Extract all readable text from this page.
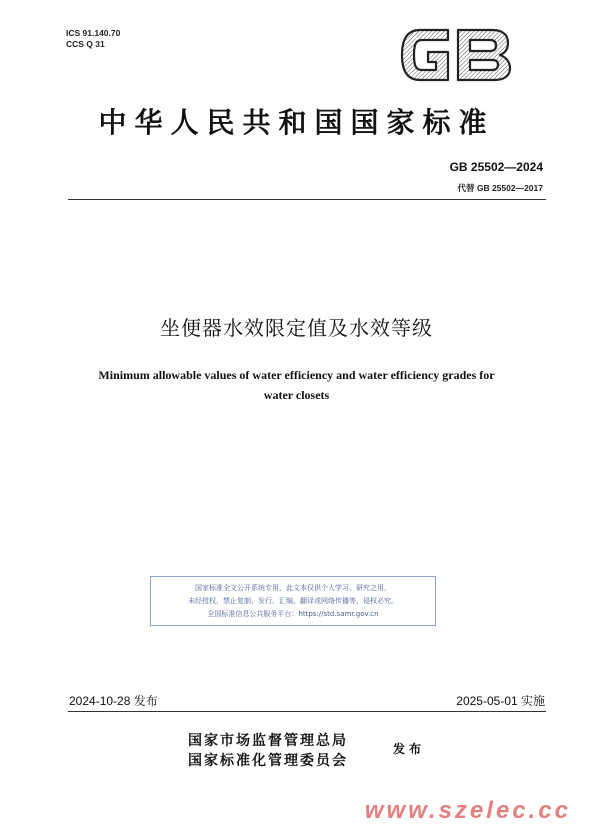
ICS 91.140.70
CCS Q 31
中华人民共和国国家标准
GB 25502—2024
代替 GB 25502—2017
坐便器水效限定值及水效等级
Minimum allowable values of water efficiency and water efficiency grades for
water closets
国家标准全文公开系统专用，此文本仅供个人学习、研究之用，
未经授权，禁止复制、发行、汇编、翻译或网络传播等，侵权必究。
全国标准信息公共服务平台：https://std.samr.gov.cn
2024-10-28 发布	2025-05-01 实施
国家市场监督管理总局
国家标准化管理委员会
发布
www.szelec.cc
